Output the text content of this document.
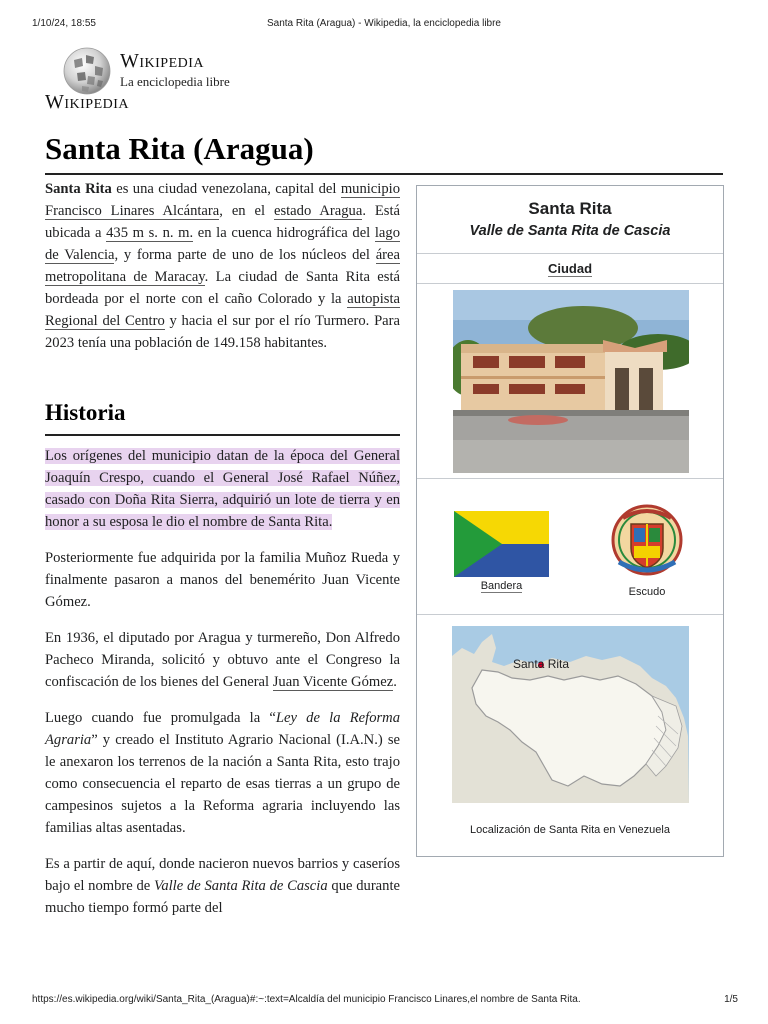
1/10/24, 18:55	Santa Rita (Aragua) - Wikipedia, la enciclopedia libre
Wikipedia
La enciclopedia libre
Wikipedia
Santa Rita (Aragua)

Santa Rita es una ciudad venezolana, capital del municipio Francisco Linares Alcántara, en el estado Aragua. Está ubicada a 435 m s. n. m. en la cuenca hidrográfica del lago de Valencia, y forma parte de uno de los núcleos del área metropolitana de Maracay. La ciudad de Santa Rita está bordeada por el norte con el caño Colorado y la autopista Regional del Centro y hacia el sur por el río Turmero. Para 2023 tenía una población de 149.158 habitantes.

Historia

Los orígenes del municipio datan de la época del General Joaquín Crespo, cuando el General José Rafael Núñez, casado con Doña Rita Sierra, adquirió un lote de tierra y en honor a su esposa le dio el nombre de Santa Rita.

Posteriormente fue adquirida por la familia Muñoz Rueda y finalmente pasaron a manos del benemérito Juan Vicente Gómez.

En 1936, el diputado por Aragua y turmereño, Don Alfredo Pacheco Miranda, solicitó y obtuvo ante el Congreso la confiscación de los bienes del General Juan Vicente Gómez.

Luego cuando fue promulgada la “Ley de la Reforma Agraria” y creado el Instituto Agrario Nacional (I.A.N.) se le anexaron los terrenos de la nación a Santa Rita, esto trajo como consecuencia el reparto de esas tierras a un grupo de campesinos sujetos a la Reforma agraria incluyendo las familias altas asentadas.

Es a partir de aquí, donde nacieron nuevos barrios y caseríos bajo el nombre de Valle de Santa Rita de Cascia que durante mucho tiempo formó parte del

Santa Rita
Valle de Santa Rita de Cascia
Ciudad
Bandera	Escudo
Santa Rita
Localización de Santa Rita en Venezuela
https://es.wikipedia.org/wiki/Santa_Rita_(Aragua)#:~:text=Alcaldía del municipio Francisco Linares,el nombre de Santa Rita.	1/5
